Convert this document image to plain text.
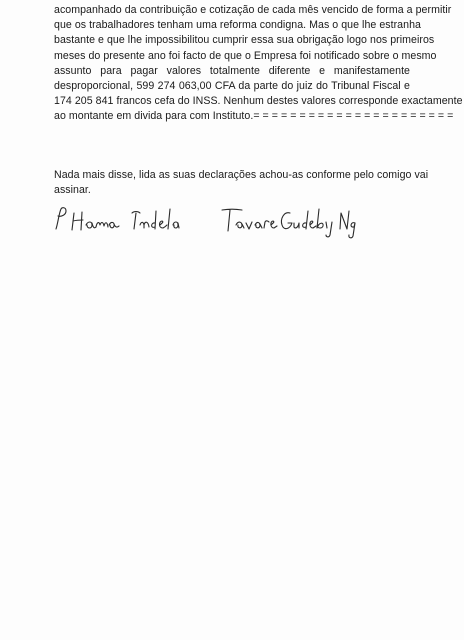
acompanhado da contribuição e cotização de cada mês vencido de forma a permitir
que os trabalhadores tenham uma reforma condigna. Mas o que lhe estranha
bastante e que lhe impossibilitou cumprir essa sua obrigação logo nos primeiros
meses do presente ano foi facto de que o Empresa foi notificado sobre o mesmo
assunto para pagar valores totalmente diferente e manifestamente
desproporcional, 599 274 063,00 CFA da parte do juiz do Tribunal Fiscal e
174 205 841 francos cefa do INSS. Nenhum destes valores corresponde exactamente
ao montante em divida para com Instituto.= = = = = = = = = = = = = = = = = = = = = =
Nada mais disse, lida as suas declarações achou-as conforme pelo comigo vai
assinar.
